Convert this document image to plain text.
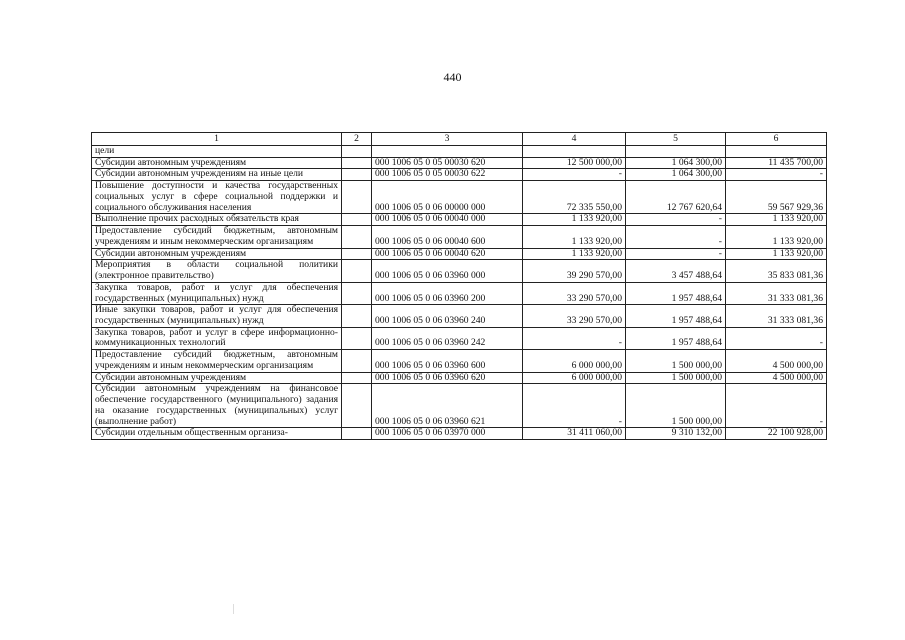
440
1	2	3	4	5	6
цели					
Субсидии автономным учреждениям		000 1006 05 0 05 00030 620	12 500 000,00	1 064 300,00	11 435 700,00
Субсидии автономным учреждениям на иные цели		000 1006 05 0 05 00030 622	-	1 064 300,00	-
Повышение доступности и качества государственных социальных услуг в сфере социальной поддержки и социального обслуживания населения		000 1006 05 0 06 00000 000	72 335 550,00	12 767 620,64	59 567 929,36
Выполнение прочих расходных обязательств края		000 1006 05 0 06 00040 000	1 133 920,00	-	1 133 920,00
Предоставление субсидий бюджетным, автономным учреждениям и иным некоммерческим организациям		000 1006 05 0 06 00040 600	1 133 920,00	-	1 133 920,00
Субсидии автономным учреждениям		000 1006 05 0 06 00040 620	1 133 920,00	-	1 133 920,00
Мероприятия в области социальной политики (электронное правительство)		000 1006 05 0 06 03960 000	39 290 570,00	3 457 488,64	35 833 081,36
Закупка товаров, работ и услуг для обеспечения государственных (муниципальных) нужд		000 1006 05 0 06 03960 200	33 290 570,00	1 957 488,64	31 333 081,36
Иные закупки товаров, работ и услуг для обеспечения государственных (муниципальных) нужд		000 1006 05 0 06 03960 240	33 290 570,00	1 957 488,64	31 333 081,36
Закупка товаров, работ и услуг в сфере информационно-коммуникационных технологий		000 1006 05 0 06 03960 242	-	1 957 488,64	-
Предоставление субсидий бюджетным, автономным учреждениям и иным некоммерческим организациям		000 1006 05 0 06 03960 600	6 000 000,00	1 500 000,00	4 500 000,00
Субсидии автономным учреждениям		000 1006 05 0 06 03960 620	6 000 000,00	1 500 000,00	4 500 000,00
Субсидии автономным учреждениям на финансовое обеспечение государственного (муниципального) задания на оказание государственных (муниципальных) услуг (выполнение работ)		000 1006 05 0 06 03960 621	-	1 500 000,00	-
Субсидии отдельным общественным организа-		000 1006 05 0 06 03970 000	31 411 060,00	9 310 132,00	22 100 928,00
